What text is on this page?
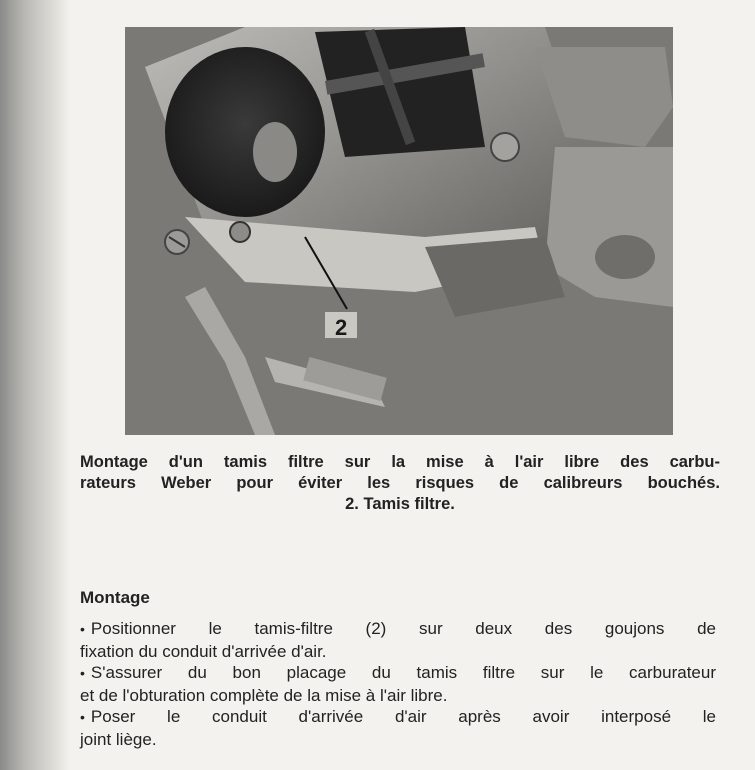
2
Montage d'un tamis filtre sur la mise à l'air libre des carbu-
rateurs Weber pour éviter les risques de calibreurs bouchés.
2. Tamis filtre.
Montage

• Positionner le tamis-filtre (2) sur deux des goujons de
fixation du conduit d'arrivée d'air.

• S'assurer du bon placage du tamis filtre sur le carburateur
et de l'obturation complète de la mise à l'air libre.

• Poser le conduit d'arrivée d'air après avoir interposé le
joint liège.
